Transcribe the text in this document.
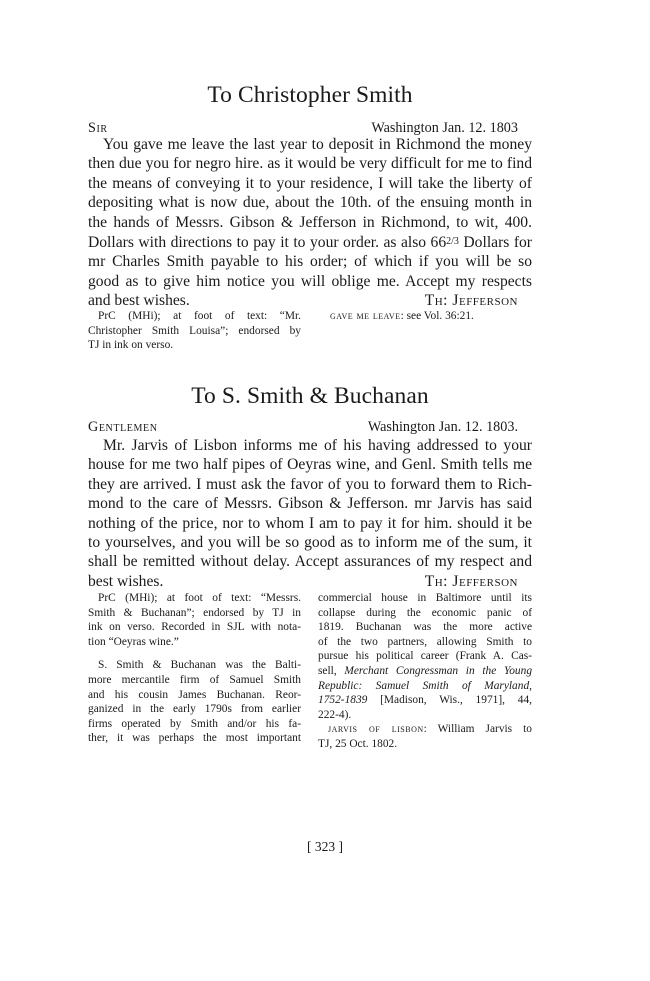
To Christopher Smith
Sir	Washington Jan. 12. 1803
You gave me leave the last year to deposit in Richmond the money
then due you for negro hire. as it would be very difficult for me to find
the means of conveying it to your residence, I will take the liberty of
depositing what is now due, about the 10th. of the ensuing month in
the hands of Messrs. Gibson & Jefferson in Richmond, to wit, 400.
Dollars with directions to pay it to your order. as also 662/3 Dollars for
mr Charles Smith payable to his order; of which if you will be so
good as to give him notice you will oblige me. Accept my respects
and best wishes.	Th: Jefferson
PrC (MHi); at foot of text: “Mr.
Christopher Smith Louisa”; endorsed by
TJ in ink on verso.
gave me leave: see Vol. 36:21.
To S. Smith & Buchanan
Gentlemen	Washington Jan. 12. 1803.
Mr. Jarvis of Lisbon informs me of his having addressed to your
house for me two half pipes of Oeyras wine, and Genl. Smith tells me
they are arrived. I must ask the favor of you to forward them to Rich-
mond to the care of Messrs. Gibson & Jefferson. mr Jarvis has said
nothing of the price, nor to whom I am to pay it for him. should it be
to yourselves, and you will be so good as to inform me of the sum, it
shall be remitted without delay. Accept assurances of my respect and
best wishes.	Th: Jefferson

PrC (MHi); at foot of text: “Messrs.
Smith & Buchanan”; endorsed by TJ in
ink on verso. Recorded in SJL with nota-
tion “Oeyras wine.”

S. Smith & Buchanan was the Balti-
more mercantile firm of Samuel Smith
and his cousin James Buchanan. Reor-
ganized in the early 1790s from earlier
firms operated by Smith and/or his fa-
ther, it was perhaps the most important

commercial house in Baltimore until its
collapse during the economic panic of
1819. Buchanan was the more active
of the two partners, allowing Smith to
pursue his political career (Frank A. Cas-
sell, Merchant Congressman in the Young
Republic: Samuel Smith of Maryland,
1752-1839 [Madison, Wis., 1971], 44,
222-4).

jarvis of lisbon: William Jarvis to
TJ, 25 Oct. 1802.

[ 323 ]
